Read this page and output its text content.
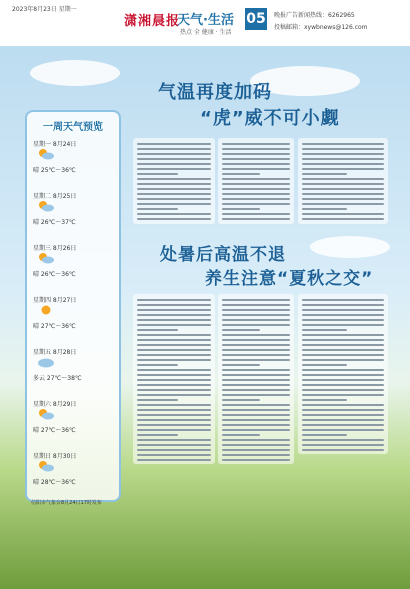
2023年8月23日 星期一
潇湘晨报
天气·生活
热点 全 健康 · 生活
05 晚报广告新闻热线：6262965
投稿邮箱：xywbnews@126.com
气温再度加码
“虎”威不可小觑
处暑后高温不退
养生注意“夏秋之交”
一周天气预览
星期一 8月24日
晴 25℃～36℃
星期二 8月25日
晴 26℃～37℃
星期三 8月26日
晴 26℃～36℃
星期四 8月27日
晴 27℃～36℃
星期五 8月28日
多云 27℃～38℃
星期六 8月29日
晴 27℃～36℃
星期日 8月30日
晴 28℃～36℃
信阳市气象台8月24日17时发布
